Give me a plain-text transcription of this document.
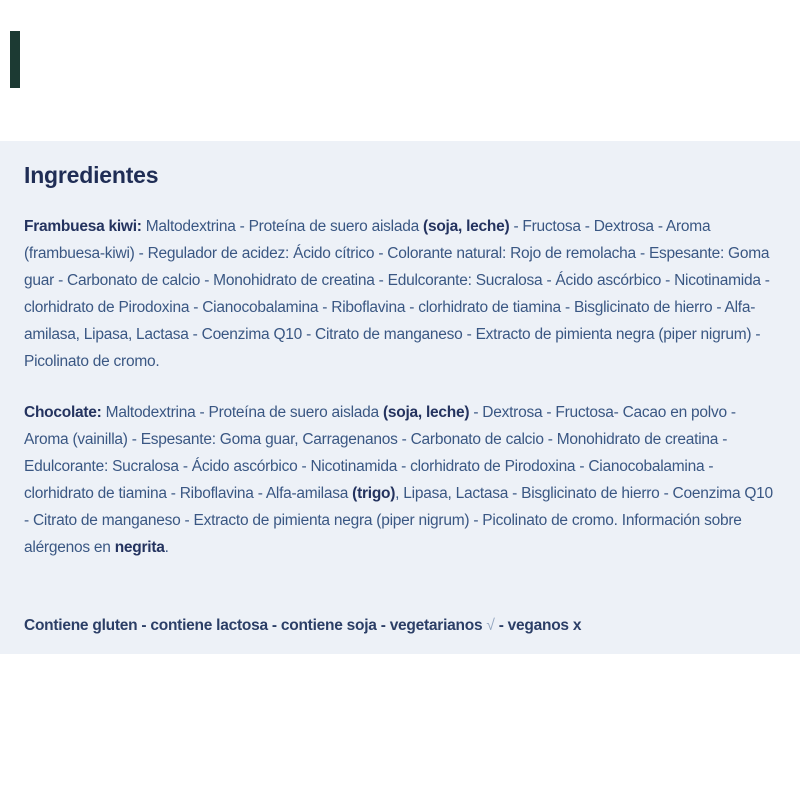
Ingredientes

Frambuesa kiwi: Maltodextrina - Proteína de suero aislada (soja, leche) - Fructosa - Dextrosa - Aroma (frambuesa-kiwi) - Regulador de acidez: Ácido cítrico - Colorante natural: Rojo de remolacha - Espesante: Goma guar - Carbonato de calcio - Monohidrato de creatina - Edulcorante: Sucralosa - Ácido ascórbico - Nicotinamida - clorhidrato de Pirodoxina - Cianocobalamina - Riboflavina - clorhidrato de tiamina - Bisglicinato de hierro - Alfa-amilasa, Lipasa, Lactasa - Coenzima Q10 - Citrato de manganeso - Extracto de pimienta negra (piper nigrum) - Picolinato de cromo.

Chocolate: Maltodextrina - Proteína de suero aislada (soja, leche) - Dextrosa - Fructosa- Cacao en polvo - Aroma (vainilla) - Espesante: Goma guar, Carragenanos - Carbonato de calcio - Monohidrato de creatina - Edulcorante: Sucralosa - Ácido ascórbico - Nicotinamida - clorhidrato de Pirodoxina - Cianocobalamina - clorhidrato de tiamina - Riboflavina - Alfa-amilasa (trigo), Lipasa, Lactasa - Bisglicinato de hierro - Coenzima Q10 - Citrato de manganeso - Extracto de pimienta negra (piper nigrum) - Picolinato de cromo. Información sobre alérgenos en negrita.

Contiene gluten - contiene lactosa - contiene soja - vegetarianos √ - veganos x
